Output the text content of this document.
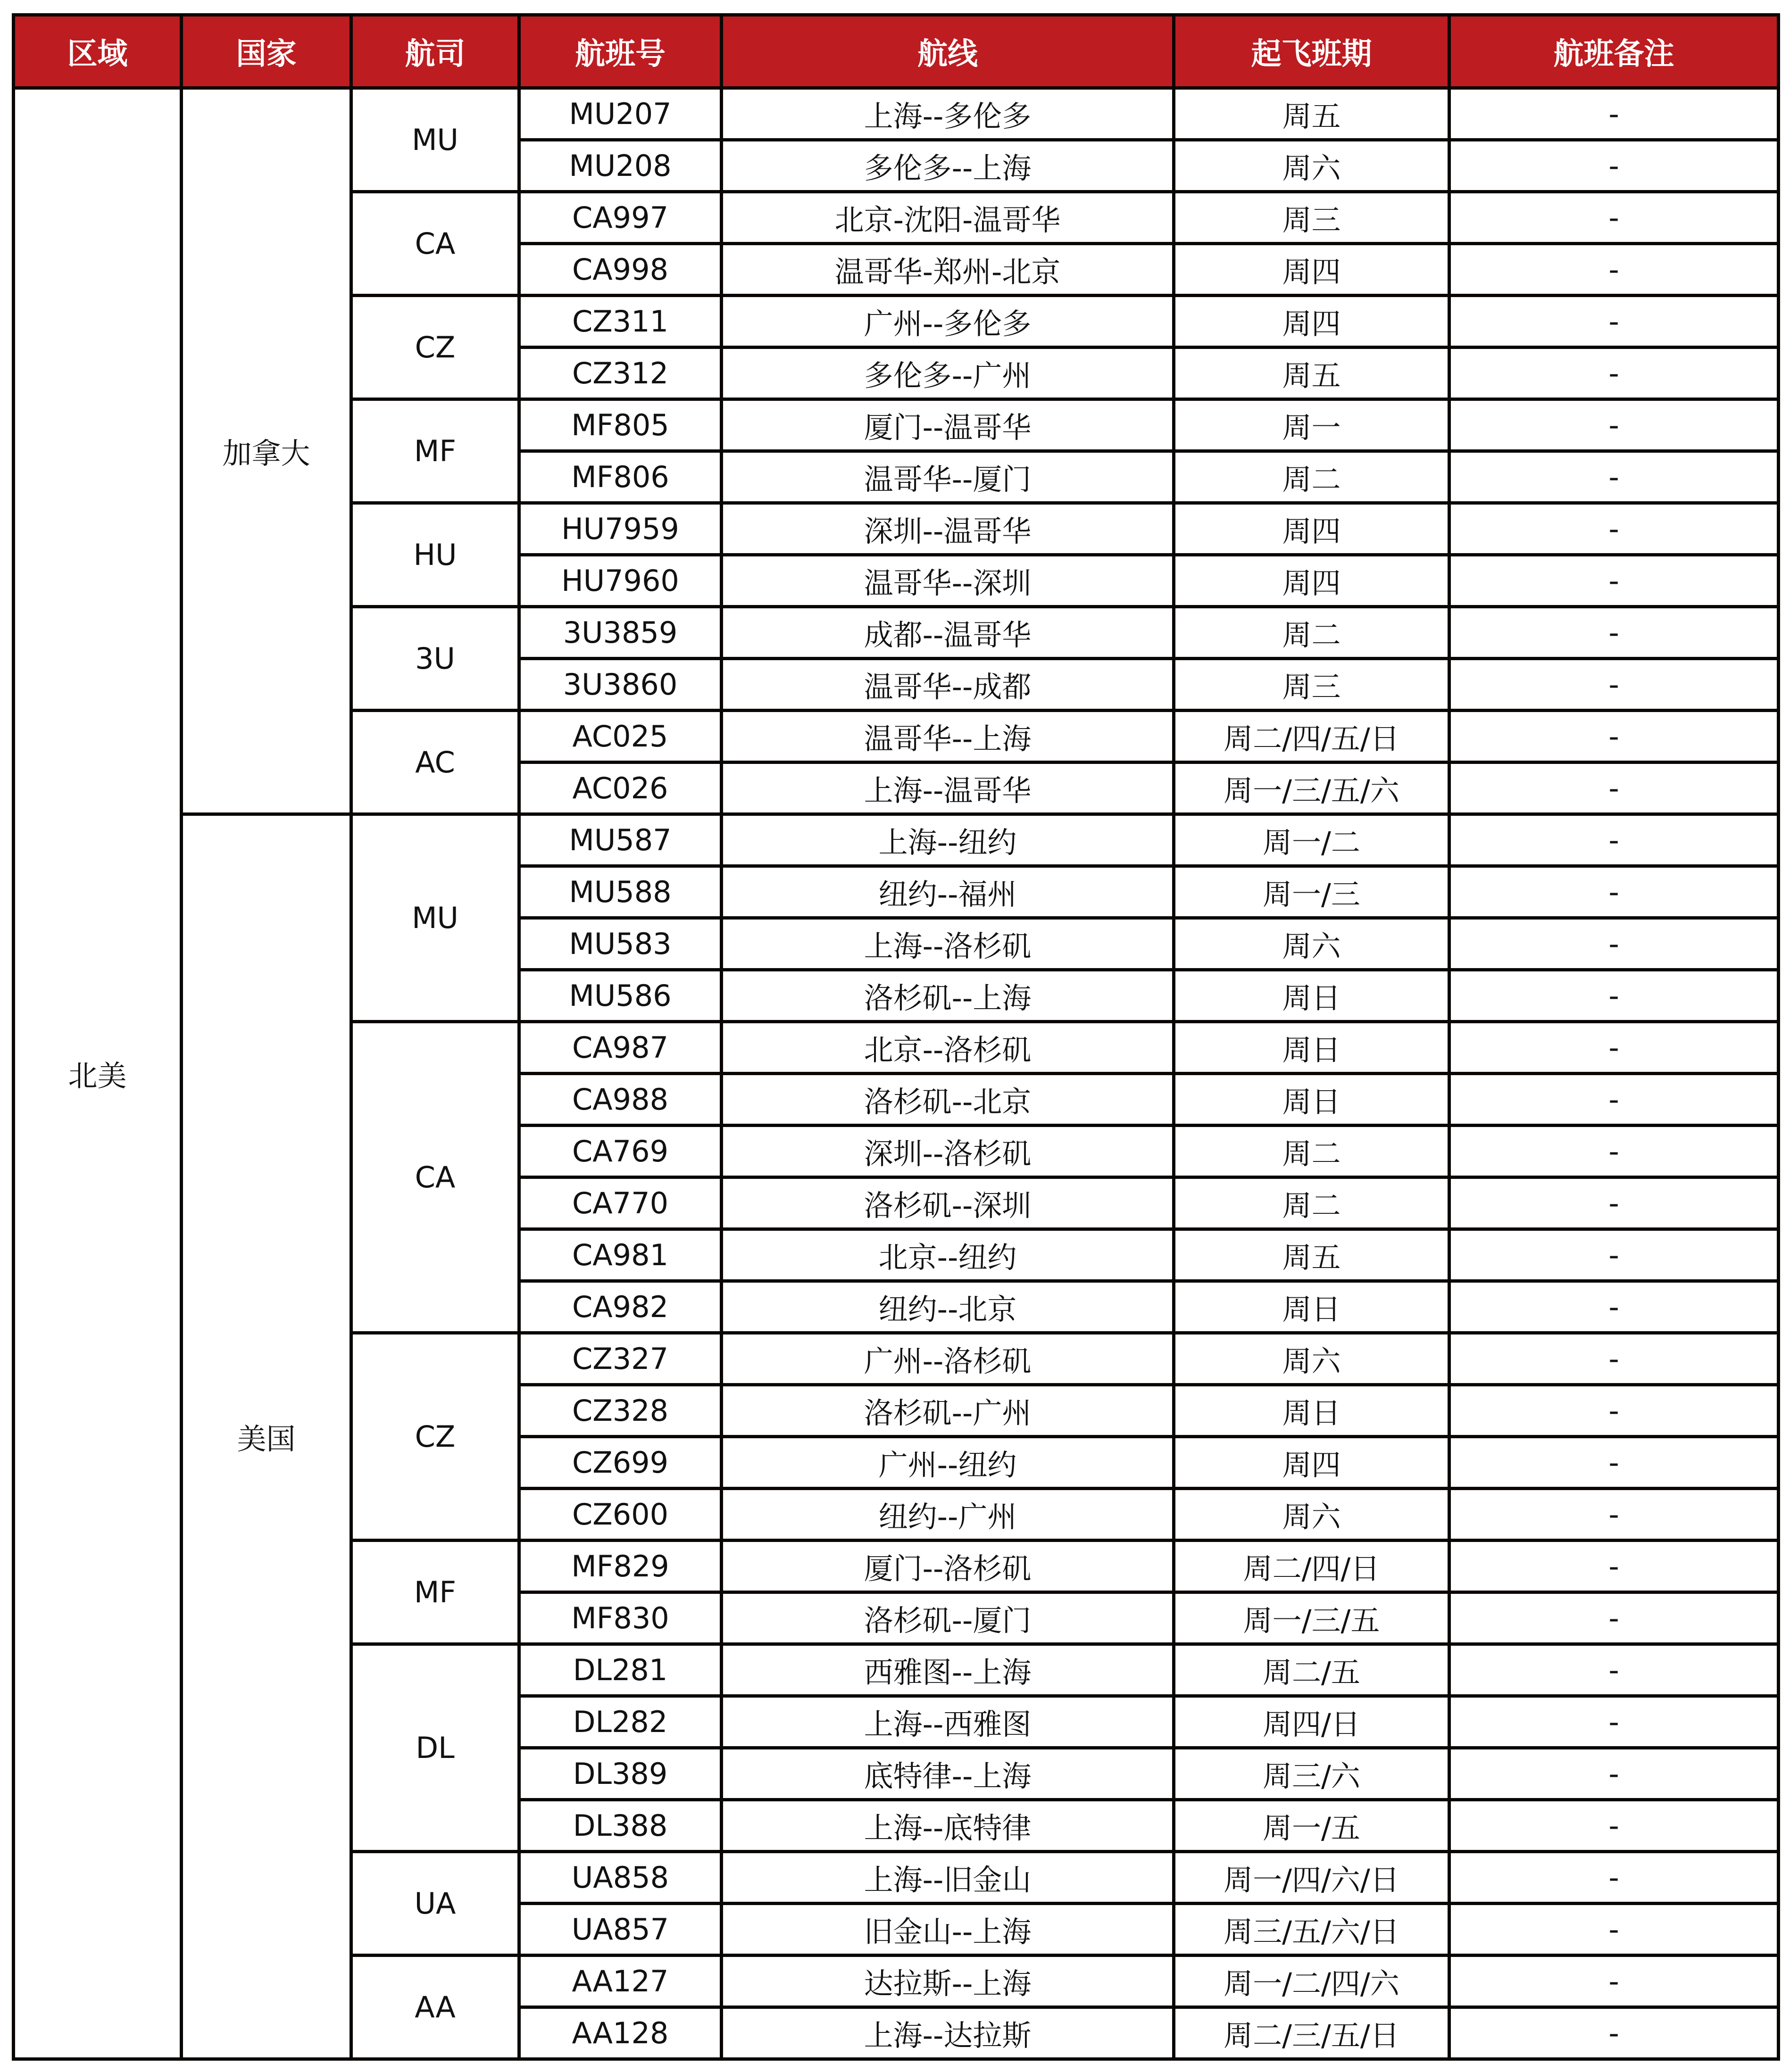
区域	国家	航司	航班号	航线	起飞班期	航班备注
北美	加拿大	MU	MU207	上海--多伦多	周五	-
			MU208	多伦多--上海	周六	-
		CA	CA997	北京-沈阳-温哥华	周三	-
			CA998	温哥华-郑州-北京	周四	-
		CZ	CZ311	广州--多伦多	周四	-
			CZ312	多伦多--广州	周五	-
		MF	MF805	厦门--温哥华	周一	-
			MF806	温哥华--厦门	周二	-
		HU	HU7959	深圳--温哥华	周四	-
			HU7960	温哥华--深圳	周四	-
		3U	3U3859	成都--温哥华	周二	-
			3U3860	温哥华--成都	周三	-
		AC	AC025	温哥华--上海	周二/四/五/日	-
			AC026	上海--温哥华	周一/三/五/六	-
	美国	MU	MU587	上海--纽约	周一/二	-
			MU588	纽约--福州	周一/三	-
			MU583	上海--洛杉矶	周六	-
			MU586	洛杉矶--上海	周日	-
		CA	CA987	北京--洛杉矶	周日	-
			CA988	洛杉矶--北京	周日	-
			CA769	深圳--洛杉矶	周二	-
			CA770	洛杉矶--深圳	周二	-
			CA981	北京--纽约	周五	-
			CA982	纽约--北京	周日	-
		CZ	CZ327	广州--洛杉矶	周六	-
			CZ328	洛杉矶--广州	周日	-
			CZ699	广州--纽约	周四	-
			CZ600	纽约--广州	周六	-
		MF	MF829	厦门--洛杉矶	周二/四/日	-
			MF830	洛杉矶--厦门	周一/三/五	-
		DL	DL281	西雅图--上海	周二/五	-
			DL282	上海--西雅图	周四/日	-
			DL389	底特律--上海	周三/六	-
			DL388	上海--底特律	周一/五	-
		UA	UA858	上海--旧金山	周一/四/六/日	-
			UA857	旧金山--上海	周三/五/六/日	-
		AA	AA127	达拉斯--上海	周一/二/四/六	-
			AA128	上海--达拉斯	周二/三/五/日	-
